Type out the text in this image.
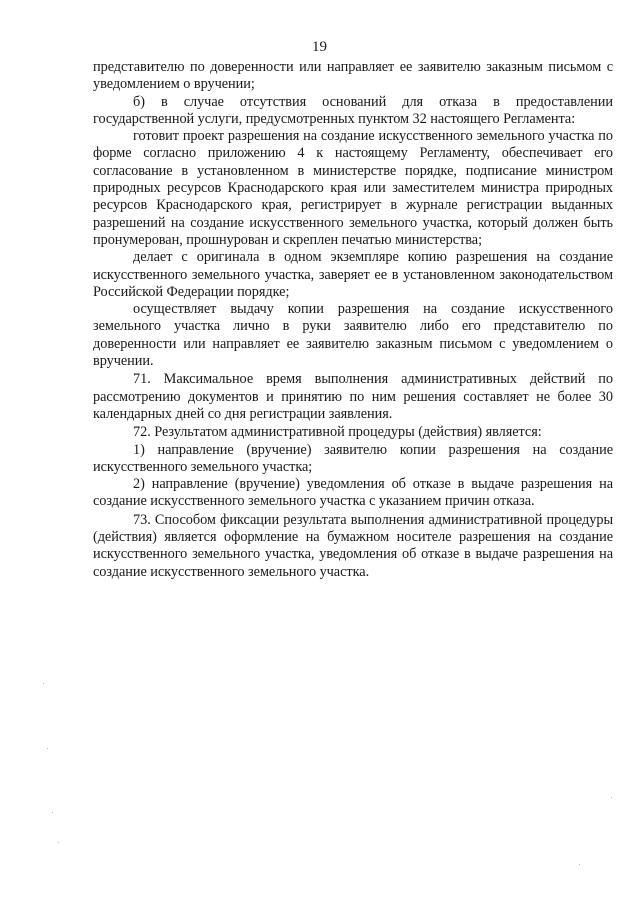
19

представителю по доверенности или направляет ее заявителю заказным письмом с уведомлением о вручении;

б) в случае отсутствия оснований для отказа в предоставлении государственной услуги, предусмотренных пунктом 32 настоящего Регламента:

готовит проект разрешения на создание искусственного земельного участка по форме согласно приложению 4 к настоящему Регламенту, обеспечивает его согласование в установленном в министерстве порядке, подписание министром природных ресурсов Краснодарского края или заместителем министра природных ресурсов Краснодарского края, регистрирует в журнале регистрации выданных разрешений на создание искусственного земельного участка, который должен быть пронумерован, прошнурован и скреплен печатью министерства;

делает с оригинала в одном экземпляре копию разрешения на создание искусственного земельного участка, заверяет ее в установленном законодательством Российской Федерации порядке;

осуществляет выдачу копии разрешения на создание искусственного земельного участка лично в руки заявителю либо его представителю по доверенности или направляет ее заявителю заказным письмом с уведомлением о вручении.

71. Максимальное время выполнения административных действий по рассмотрению документов и принятию по ним решения составляет не более 30 календарных дней со дня регистрации заявления.

72. Результатом административной процедуры (действия) является:

1) направление (вручение) заявителю копии разрешения на создание искусственного земельного участка;

2) направление (вручение) уведомления об отказе в выдаче разрешения на создание искусственного земельного участка с указанием причин отказа.

73. Способом фиксации результата выполнения административной процедуры (действия) является оформление на бумажном носителе разрешения на создание искусственного земельного участка, уведомления об отказе в выдаче разрешения на создание искусственного земельного участка.
